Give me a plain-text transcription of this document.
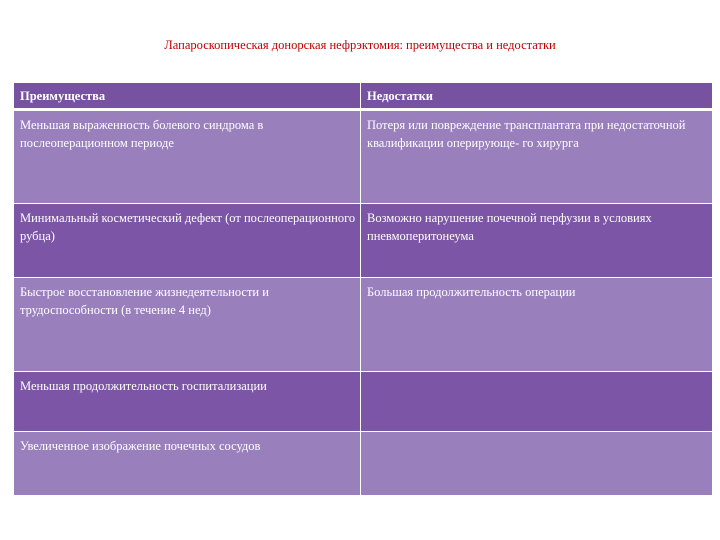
Лапароскопическая донорская нефрэктомия: преимущества и недостатки
Преимущества	Недостатки
Меньшая выраженность болевого синдрома в послеоперационном периоде	Потеря или повреждение трансплантата при недостаточной квалификации оперирующе- го хирурга
Минимальный косметический дефект (от послеоперационного рубца)	Возможно нарушение почечной перфузии в условиях пневмоперитонеума
Быстрое восстановление жизнедеятельности и трудоспособности (в течение 4 нед)	Большая продолжительность операции
Меньшая продолжительность госпитализации	
Увеличенное изображение почечных сосудов	
